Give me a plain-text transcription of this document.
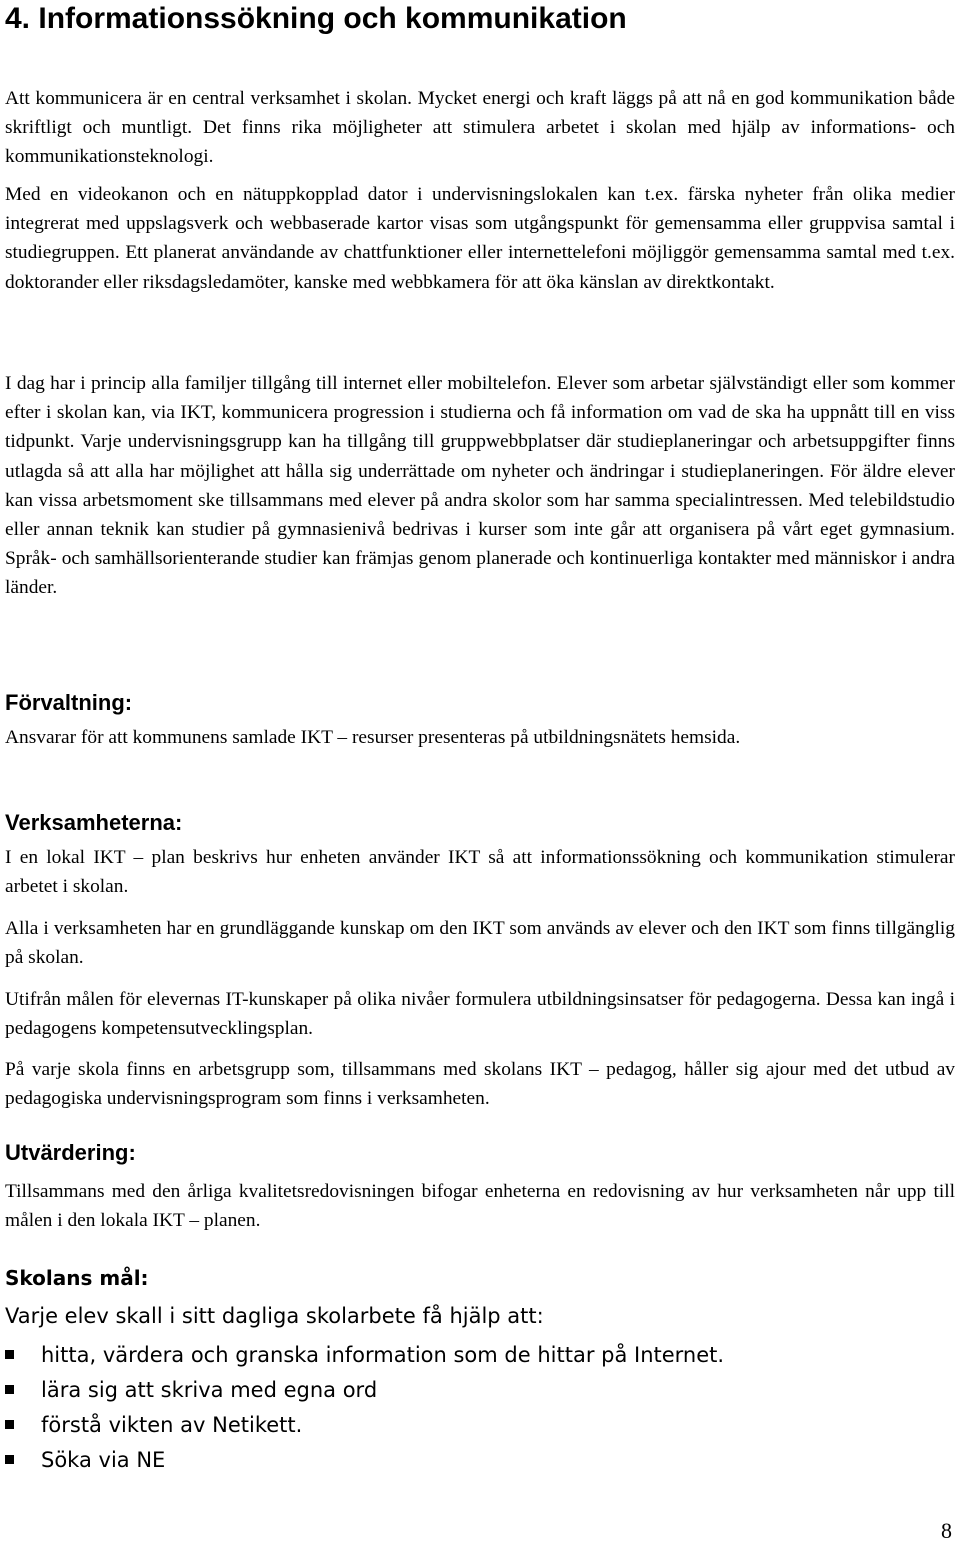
4. Informationssökning och kommunikation

Att kommunicera är en central verksamhet i skolan. Mycket energi och kraft läggs på att nå en god kommunikation både skriftligt och muntligt. Det finns rika möjligheter att stimulera arbetet i skolan med hjälp av informations- och kommunikationsteknologi.

Med en videokanon och en nätuppkopplad dator i undervisningslokalen kan t.ex. färska nyheter från olika medier integrerat med uppslagsverk och webbaserade kartor visas som utgångspunkt för gemensamma eller gruppvisa samtal i studiegruppen. Ett planerat användande av chattfunktioner eller internettelefoni möjliggör gemensamma samtal med t.ex. doktorander eller riksdagsledamöter, kanske med webbkamera för att öka känslan av direktkontakt.

I dag har i princip alla familjer tillgång till internet eller mobiltelefon. Elever som arbetar självständigt eller som kommer efter i skolan kan, via IKT, kommunicera progression i studierna och få information om vad de ska ha uppnått till en viss tidpunkt. Varje undervisningsgrupp kan ha tillgång till gruppwebbplatser där studieplaneringar och arbetsuppgifter finns utlagda så att alla har möjlighet att hålla sig underrättade om nyheter och ändringar i studieplaneringen. För äldre elever kan vissa arbetsmoment ske tillsammans med elever på andra skolor som har samma specialintressen. Med telebildstudio eller annan teknik kan studier på gymnasienivå bedrivas i kurser som inte går att organisera på vårt eget gymnasium. Språk- och samhällsorienterande studier kan främjas genom planerade och kontinuerliga kontakter med människor i andra länder.

Förvaltning:

Ansvarar för att kommunens samlade IKT – resurser presenteras på utbildningsnätets hemsida.

Verksamheterna:

I en lokal IKT – plan beskrivs hur enheten använder IKT så att informationssökning och kommunikation stimulerar arbetet i skolan.

Alla i verksamheten har en grundläggande kunskap om den IKT som används av elever och den IKT som finns tillgänglig på skolan.

Utifrån målen för elevernas IT-kunskaper på olika nivåer formulera utbildningsinsatser för pedagogerna. Dessa kan ingå i pedagogens kompetensutvecklingsplan.

På varje skola finns en arbetsgrupp som, tillsammans med skolans IKT – pedagog, håller sig ajour med det utbud av pedagogiska undervisningsprogram som finns i verksamheten.

Utvärdering:

Tillsammans med den årliga kvalitetsredovisningen bifogar enheterna en redovisning av hur verksamheten når upp till målen i den lokala IKT – planen.

Skolans mål:
Varje elev skall i sitt dagliga skolarbete få hjälp att:
hitta, värdera och granska information som de hittar på Internet.
lära sig att skriva med egna ord
förstå vikten av Netikett.
Söka via NE
8
